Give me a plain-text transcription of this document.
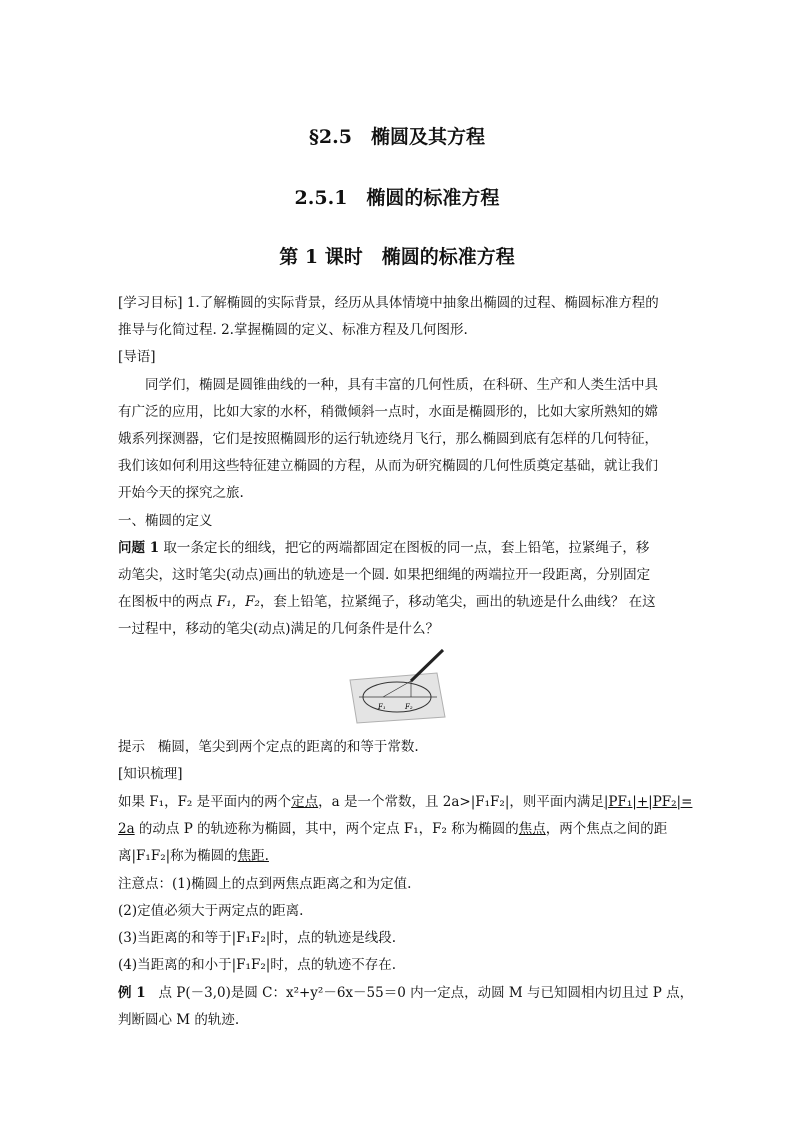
§2.5　椭圆及其方程
2.5.1　椭圆的标准方程
第 1 课时　椭圆的标准方程
[学习目标] 1.了解椭圆的实际背景，经历从具体情境中抽象出椭圆的过程、椭圆标准方程的
推导与化简过程. 2.掌握椭圆的定义、标准方程及几何图形.
[导语]
同学们，椭圆是圆锥曲线的一种，具有丰富的几何性质，在科研、生产和人类生活中具
有广泛的应用，比如大家的水杯，稍微倾斜一点时，水面是椭圆形的，比如大家所熟知的嫦
娥系列探测器，它们是按照椭圆形的运行轨迹绕月飞行，那么椭圆到底有怎样的几何特征，
我们该如何利用这些特征建立椭圆的方程，从而为研究椭圆的几何性质奠定基础，就让我们
开始今天的探究之旅.
一、椭圆的定义
问题 1 取一条定长的细线，把它的两端都固定在图板的同一点，套上铅笔，拉紧绳子，移
动笔尖，这时笔尖(动点)画出的轨迹是一个圆. 如果把细绳的两端拉开一段距离，分别固定
在图板中的两点 F₁，F₂，套上铅笔，拉紧绳子，移动笔尖，画出的轨迹是什么曲线？ 在这
一过程中，移动的笔尖(动点)满足的几何条件是什么？
F₁	F₂
提示 椭圆，笔尖到两个定点的距离的和等于常数.
[知识梳理]
如果 F₁，F₂ 是平面内的两个定点，a 是一个常数，且 2a>|F₁F₂|，则平面内满足|PF₁|+|PF₂|=
2a 的动点 P 的轨迹称为椭圆，其中，两个定点 F₁，F₂ 称为椭圆的焦点，两个焦点之间的距
离|F₁F₂|称为椭圆的焦距.
注意点：(1)椭圆上的点到两焦点距离之和为定值.
(2)定值必须大于两定点的距离.
(3)当距离的和等于|F₁F₂|时，点的轨迹是线段.
(4)当距离的和小于|F₁F₂|时，点的轨迹不存在.
例 1 点 P(－3,0)是圆 C：x²+y²－6x－55＝0 内一定点，动圆 M 与已知圆相内切且过 P 点，
判断圆心 M 的轨迹.
